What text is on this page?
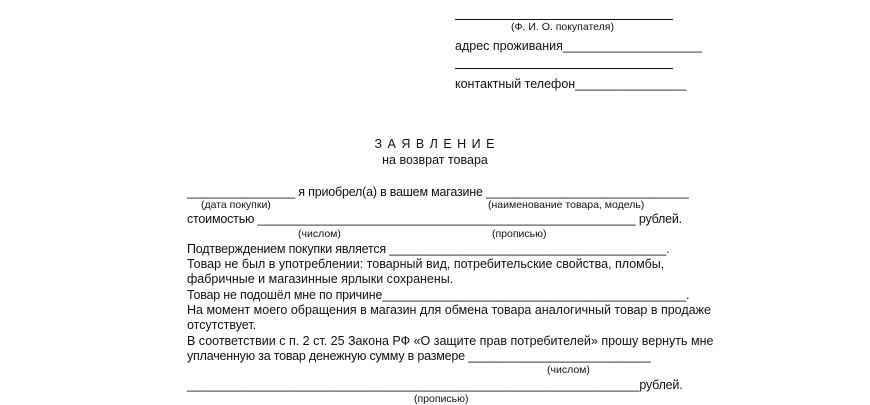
(Ф. И. О. покупателя)
адрес проживания____________________
контактный телефон________________
З А Я В Л Е Н И Е
на возврат товара
________________ я приобрел(а) в вашем магазине ______________________________
(дата покупки)	(наименование товара, модель)
стоимостью ________________________________________________________ рублей.
(числом)	(прописью)
Подтверждением покупки является _________________________________________.
Товар не был в употреблении: товарный вид, потребительские свойства, пломбы,
фабричные и магазинные ярлыки сохранены.
Товар не подошёл мне по причине_____________________________________________.
На момент моего обращения в магазин для обмена товара аналогичный товар в продаже
отсутствует.
В соответствии с п. 2 ст. 25 Закона РФ «О защите прав потребителей» прошу вернуть мне
уплаченную за товар денежную сумму в размере ___________________________
(числом)
___________________________________________________________________рублей.
(прописью)
